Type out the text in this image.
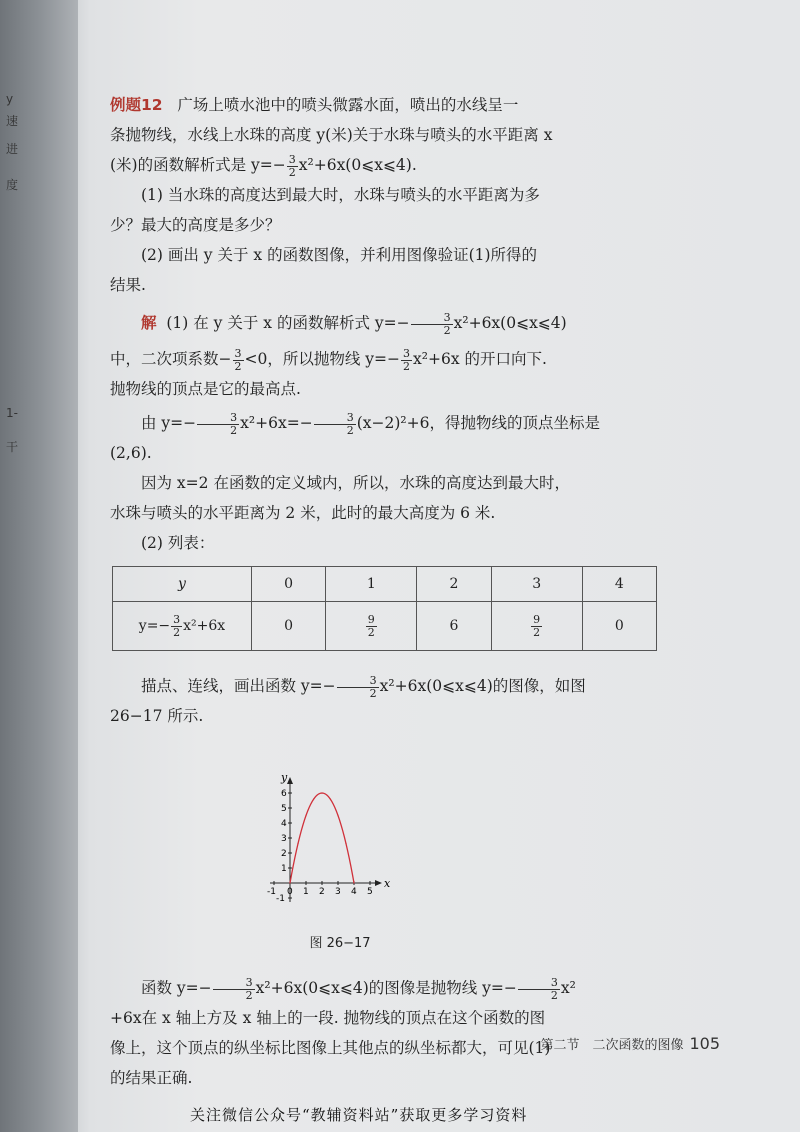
y
速
进
度
1-
干

例题12 广场上喷水池中的喷头微露水面，喷出的水线呈一
条抛物线，水线上水珠的高度 y(米)关于水珠与喷头的水平距离 x
(米)的函数解析式是 $y=- \frac{3}{2}$ x²+6x(0⩽x⩽4).

(1) 当水珠的高度达到最大时，水珠与喷头的水平距离为多

少？最大的高度是多少？

(2) 画出 y 关于 x 的函数图像，并利用图像验证(1)所得的

结果.

解 (1) 在 y 关于 x 的函数解析式 $y=- \frac{3}{2}$ x²+6x(0⩽x⩽4)

中，二次项系数− $\frac{3}{2} <0$，所以抛物线 $y=- \frac{3}{2} x^2+6x$ 的开口向下.

抛物线的顶点是它的最高点.

由 $y=- \frac{3}{2} x^2+6x=- \frac{3}{2} (x-2)^2+6$，得抛物线的顶点坐标是

(2,6).

因为 x=2 在函数的定义域内，所以，水珠的高度达到最大时，

水珠与喷头的水平距离为 2 米，此时的最大高度为 6 米.

(2) 列表：

y	0	1	2	3	4
$y=- \frac{3}{2} x^2+6x$	0	$\frac{9}{2}$	6	$\frac{9}{2}$	0

描点、连线，画出函数 $y=- \frac{3}{2}$ x²+6x(0⩽x⩽4)的图像，如图

26−17 所示.

x
y
-1 0 1 2 3 4 5
-1
1
2
3
4
5
6
图 26−17

函数 $y=- \frac{3}{2}$ x²+6x(0⩽x⩽4)的图像是抛物线 $y=- \frac{3}{2} x^2$

+6x在 x 轴上方及 x 轴上的一段. 抛物线的顶点在这个函数的图

像上，这个顶点的纵坐标比图像上其他点的纵坐标都大，可见(1)

的结果正确.

第二节　二次函数的图像 105
关注微信公众号“教辅资料站”获取更多学习资料
